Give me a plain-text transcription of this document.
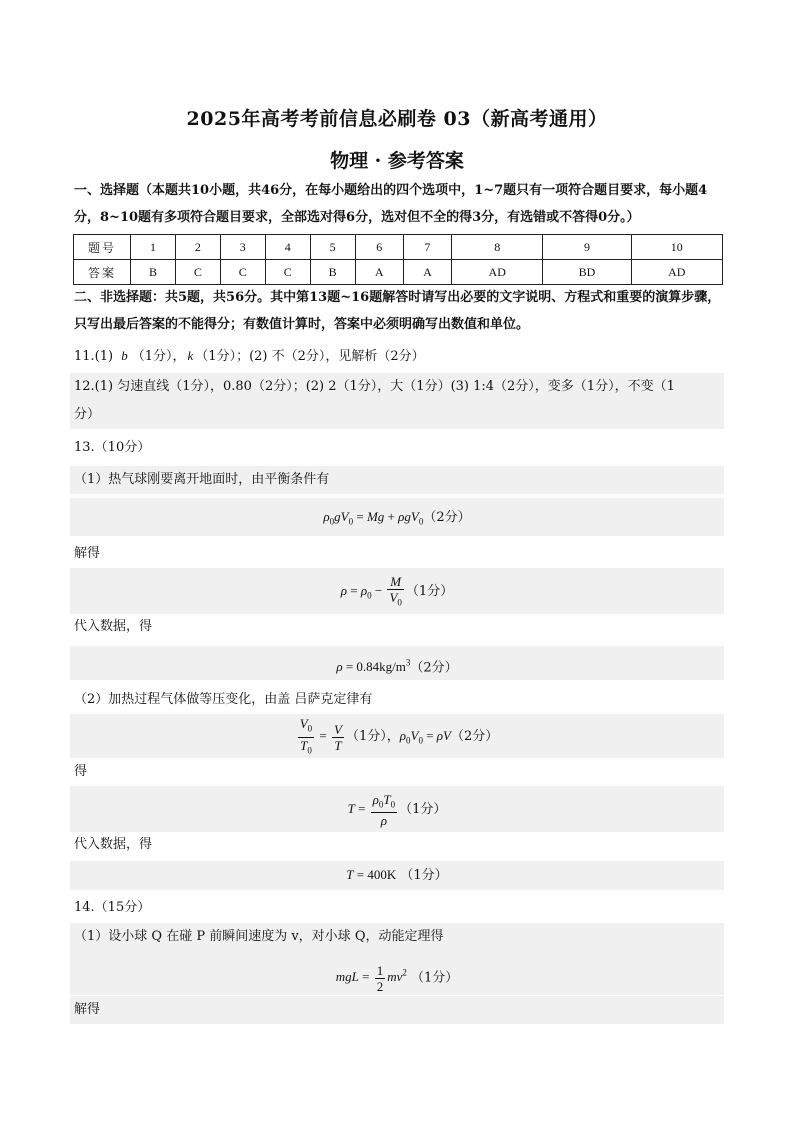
2025年高考考前信息必刷卷 03（新高考通用）
物理 · 参考答案
一、选择题（本题共10小题，共46分，在每小题给出的四个选项中，1~7题只有一项符合题目要求，每小题4分，8~10题有多项符合题目要求，全部选对得6分，选对但不全的得3分，有选错或不答得0分。）
题号	1	2	3	4	5	6	7	8	9	10
答案	B	C	C	C	B	A	A	AD	BD	AD
二、非选择题：共5题，共56分。其中第13题~16题解答时请写出必要的文字说明、方程式和重要的演算步骤，只写出最后答案的不能得分；有数值计算时，答案中必须明确写出数值和单位。
11.(1) b （1分）， k （1分）；(2) 不（2分），见解析（2分）
12.(1) 匀速直线（1分），0.80（2分）；(2) 2（1分），大（1分）(3) 1:4（2分），变多（1分），不变（1
分）
13.（10分）
（1）热气球刚要离开地面时，由平衡条件有
$\rho_0gV_0 = Mg + \rho gV_0(2$分）
解得
$\rho = \rho_0 - \frac{M}{V_0} (1$分）
代入数据，得
$\rho = 0.84kg/m^3(2$分）
（2）加热过程气体做等压变化，由盖 吕萨克定律有
$\frac{V_0}{T_0} = \frac{V}{T} (1$分），$\rho_0V_0 = \rho V(2$分）
得
$T = \frac{\rho_0T_0}{\rho} (1$分）
代入数据，得
T = 400K （1分）
14.（15分）
（1）设小球 Q 在碰 P 前瞬间速度为 v，对小球 Q，动能定理得
mgL = $\frac{1}{2} mv^2$ （1分）
解得
